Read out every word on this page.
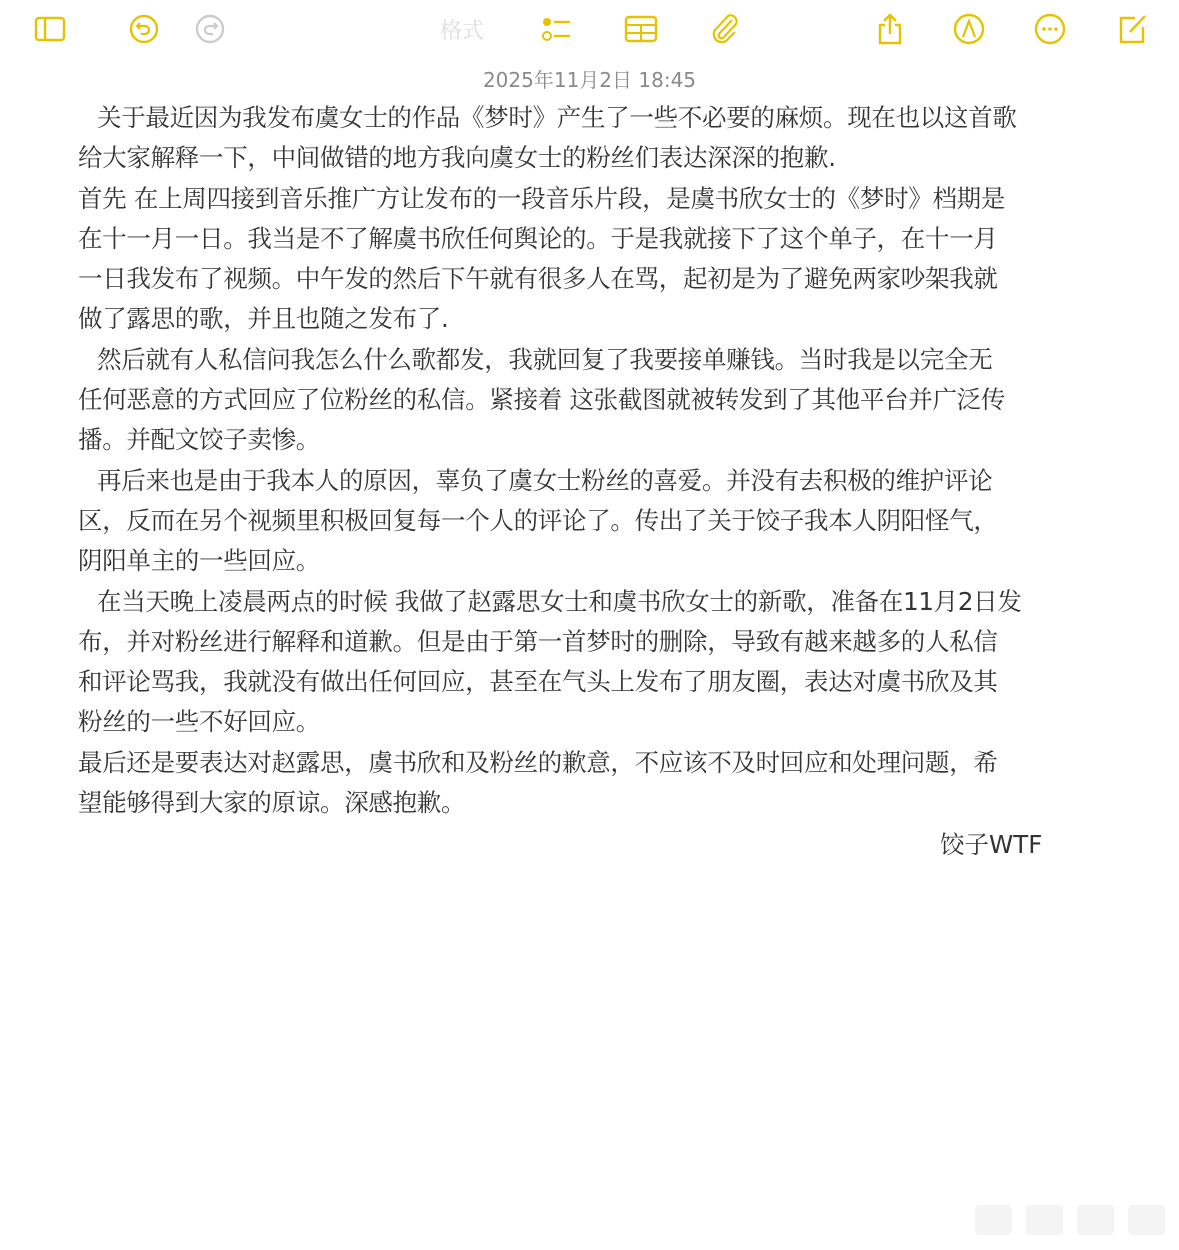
格式
2025年11月2日 18:45
关于最近因为我发布虞女士的作品《梦时》产生了一些不必要的麻烦。现在也以这首歌
给大家解释一下，中间做错的地方我向虞女士的粉丝们表达深深的抱歉.
首先 在上周四接到音乐推广方让发布的一段音乐片段，是虞书欣女士的《梦时》档期是
在十一月一日。我当是不了解虞书欣任何舆论的。于是我就接下了这个单子，在十一月
一日我发布了视频。中午发的然后下午就有很多人在骂，起初是为了避免两家吵架我就
做了露思的歌，并且也随之发布了.
然后就有人私信问我怎么什么歌都发，我就回复了我要接单赚钱。当时我是以完全无
任何恶意的方式回应了位粉丝的私信。紧接着 这张截图就被转发到了其他平台并广泛传
播。并配文饺子卖惨。
再后来也是由于我本人的原因，辜负了虞女士粉丝的喜爱。并没有去积极的维护评论
区，反而在另个视频里积极回复每一个人的评论了。传出了关于饺子我本人阴阳怪气，
阴阳单主的一些回应。
在当天晚上凌晨两点的时候 我做了赵露思女士和虞书欣女士的新歌，准备在11月2日发
布，并对粉丝进行解释和道歉。但是由于第一首梦时的删除，导致有越来越多的人私信
和评论骂我，我就没有做出任何回应，甚至在气头上发布了朋友圈，表达对虞书欣及其
粉丝的一些不好回应。
最后还是要表达对赵露思，虞书欣和及粉丝的歉意，不应该不及时回应和处理问题，希
望能够得到大家的原谅。深感抱歉。
饺子WTF
